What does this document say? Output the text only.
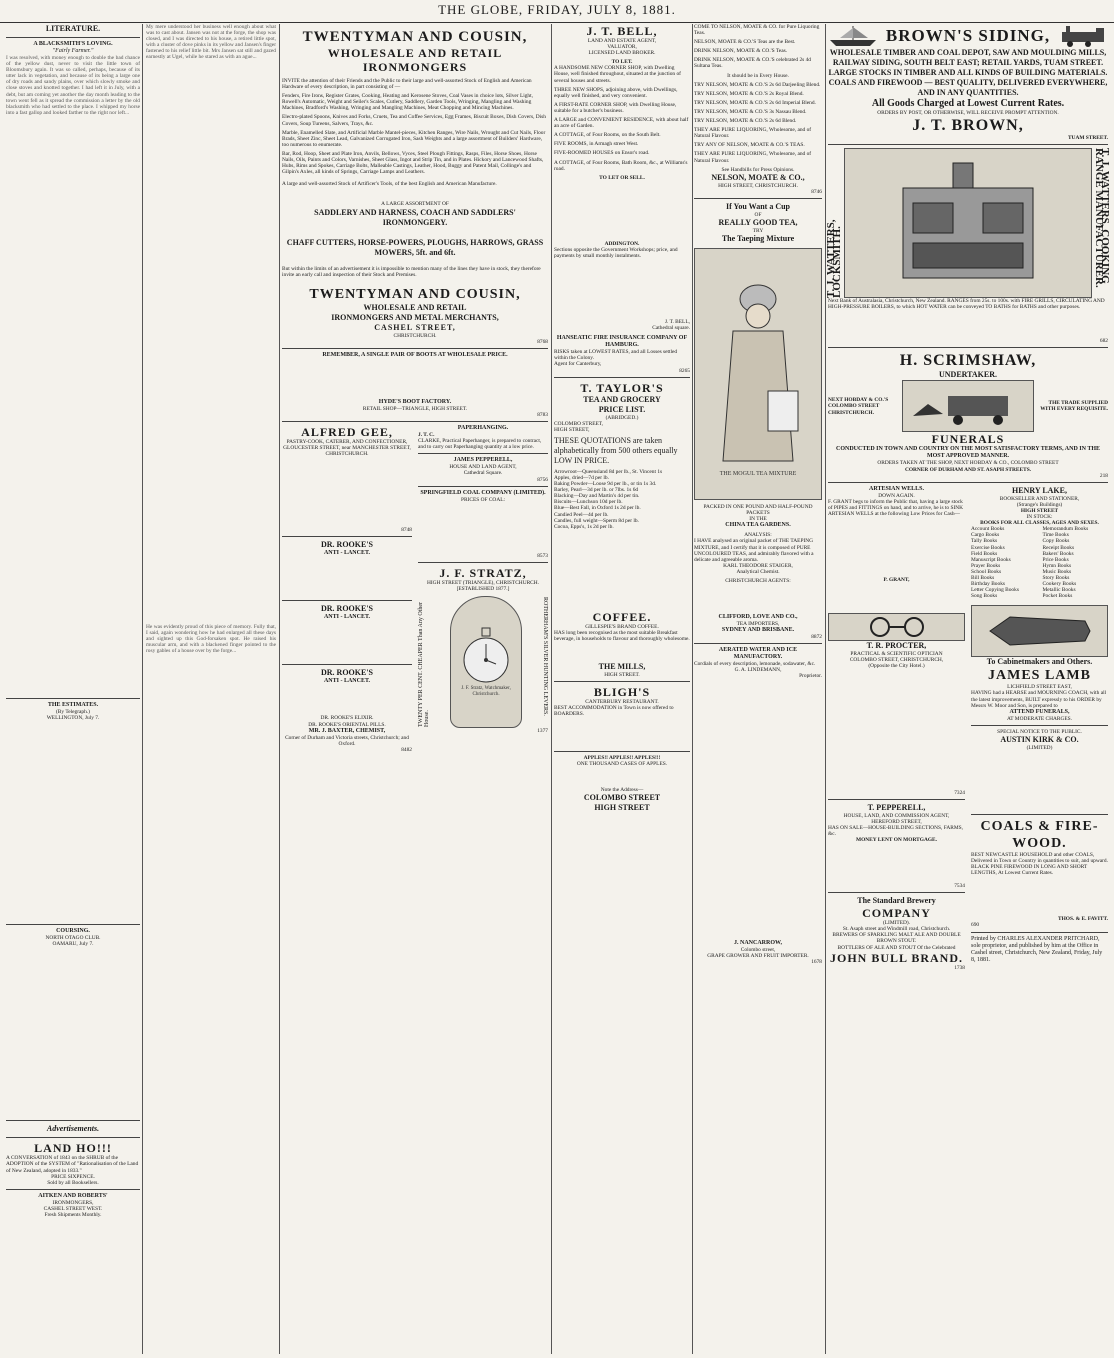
THE GLOBE, FRIDAY, JULY 8, 1881.
LITERATURE.
A BLACKSMITH'S LOVING.
"Fairly Farmer."
I was resolved, with money enough to double the bad chance of the yellow dust, never to visit the little town of Bloomsbury again. It was so called, perhaps, because of its utter lack in vegetation, and because of its being a large one of dry roads and sandy plains, over which slowly smoke and close stoves and knotted together. I had left it in July, with a debt, but am coming yet another the day month leading to the town went fell as it spread the commission a letter by the old blacksmith who had settled to the place. I whipped my horse into a fast gallop and looked farther to the right nor left...
THE ESTIMATES.
(By Telegraph.)
WELLINGTON, July 7.
COURSING.
NORTH OTAGO CLUB.
OAMARU, July 7.
Advertisements.
LAND HO!!!
A CONVERSATION of 1843 on the SHRUB of the ADOPTION of the SYSTEM of "Rationalisation of the Land of New Zealand, adopted in 1833."
PRICE SIXPENCE.
Sold by all Booksellers.
AITKEN AND ROBERTS'
IRONMONGERS,
CASHEL STREET WEST.
Fresh Shipments Monthly.
My mere understood her business well enough about what was to cast about. Jansen was not at the forge, the shop was closed, and I was directed to his house, a retired little spot, with a cluster of dove pinks in its yellow and Jansen's finger fastened to his relief little bit. Mrs Jansen sat still and gazed earnestly at Ugel, while he stared as with an ague...
He was evidently proud of this piece of memory. Fully that, I said, again wondering how he had enlarged all these days and sighted up this God-forsaken spot. He raised his muscular arm, and with a blackened finger pointed to the rosy gables of a house over by the forge...
TWENTYMAN AND COUSIN,
WHOLESALE AND RETAIL
IRONMONGERS
INVITE the attention of their Friends and the Public to their large and well-assorted Stock of English and American Hardware of every description, in part consisting of —
Fenders, Fire Irons, Register Grates, Cooking, Heating and Kerosene Stoves, Coal Vases in choice lots, Silver Light, Rowell's Automatic, Weight and Seiler's Scales, Cutlery, Saddlery, Garden Tools, Wringing, Mangling and Washing Machines, Bradford's Washing, Wringing and Mangling Machines, Meat Chopping and Mincing Machines.
Electro-plated Spoons, Knives and Forks, Cruets, Tea and Coffee Services, Egg Frames, Biscuit Boxes, Dish Covers, Dish Covers, Soup Tureens, Salvers, Trays, &c.
Marble, Enamelled Slate, and Artificial Marble Mantel-pieces, Kitchen Ranges, Wire Nails, Wrought and Cut Nails, Floor Brads, Sheet Zinc, Sheet Lead, Galvanized Corrugated Iron, Sash Weights and a large assortment of Builders' Hardware, too numerous to enumerate.
Bar, Rod, Hoop, Sheet and Plate Iron, Anvils, Bellows, Vyces, Steel Plough Fittings, Rasps, Files, Horse Shoes, Horse Nails, Oils, Paints and Colors, Varnishes, Sheet Glass, Ingot and Strip Tin, and in Plates. Hickory and Lancewood Shafts, Hubs, Rims and Spokes, Carriage Bolts, Malleable Castings, Leather, Hood, Buggy and Patent Mail, Collinge's and Gilpin's Axles, all kinds of Springs, Carriage Lamps and Leathers.
A large and well-assorted Stock of Artificer's Tools, of the best English and American Manufacture.
A LARGE ASSORTMENT OF
SADDLERY AND HARNESS, COACH AND SADDLERS' IRONMONGERY.
CHAFF CUTTERS, HORSE-POWERS, PLOUGHS, HARROWS, GRASS MOWERS, 5ft. and 6ft.
But within the limits of an advertisement it is impossible to mention many of the lines they have in stock, they therefore invite an early call and inspection of their Stock and Premises.
TWENTYMAN AND COUSIN,
WHOLESALE AND RETAIL
IRONMONGERS AND METAL MERCHANTS,
CASHEL STREET,
CHRISTCHURCH.
8768
REMEMBER, A SINGLE PAIR OF BOOTS AT WHOLESALE PRICE.
HYDE'S BOOT FACTORY.
RETAIL SHOP—TRIANGLE, HIGH STREET.
8783
ALFRED GEE,
PASTRY-COOK, CATERER, AND CONFECTIONER,
GLOUCESTER STREET, near MANCHESTER STREET,
CHRISTCHURCH.
8748
DR. ROOKE'S
ANTI - LANCET.
DR. ROOKE'S
ANTI - LANCET.
DR. ROOKE'S
ANTI - LANCET.
DR. ROOKE'S ELIXIR.
DR. ROOKE'S ORIENTAL PILLS.
MR. J. BAXTER, CHEMIST,
Corner of Durham and Victoria streets, Christchurch; and Oxford.
8482
PAPERHANGING.
J. T. C.
CLARKE, Practical Paperhanger, is prepared to contract, and to carry out Paperhanging quantity at a low price.
JAMES PEPPERELL,
HOUSE AND LAND AGENT,
Cathedral Square.
8756
SPRINGFIELD COAL COMPANY (LIMITED).
PRICES OF COAL:
8573
J. F. STRATZ,
HIGH STREET (TRIANGLE), CHRISTCHURCH.
[ESTABLISHED 1877.]
TWENTY PER CENT. CHEAPER Than Any Other House.
J. F. Stratz, Watchmaker, Christchurch.	ROTHERHAM'S SILVER HUNTING LEVERS.
1377
J. T. BELL,
LAND AND ESTATE AGENT,
VALUATOR,
LICENSED LAND BROKER.
TO LET.
A HANDSOME NEW CORNER SHOP, with Dwelling House, well finished throughout, situated at the junction of several houses and streets.
THREE NEW SHOPS, adjoining above, with Dwellings, equally well finished, and very convenient.
A FIRST-RATE CORNER SHOP, with Dwelling House, suitable for a butcher's business.
A LARGE and CONVENIENT RESIDENCE, with about half an acre of Garden.
A COTTAGE, of Four Rooms, on the South Belt.
FIVE ROOMS, in Armagh street West.
FIVE-ROOMED HOUSES on Ensor's road.
A COTTAGE, of Four Rooms, Bath Room, &c., at Williams's road.
TO LET OR SELL.
ADDINGTON.
Sections opposite the Government Workshops; price, and payments by small monthly instalments.
J. T. BELL,
Cathedral square.
HANSEATIC FIRE INSURANCE COMPANY OF HAMBURG.
RISKS taken at LOWEST RATES, and all Losses settled within the Colony.
Agent for Canterbury,
8265
T. TAYLOR'S
TEA AND GROCERY
PRICE LIST.
(ABRIDGED.)
COLOMBO STREET,
HIGH STREET,
THESE QUOTATIONS are taken alphabetically from 500 others equally LOW IN PRICE.
Arrowroot—Queensland 8d per lb., St. Vincent 1s
Apples, dried—7d per lb.
Baking Powder—Loose 9d per lb., or tin 1s 3d.
Barley, Pearl—3d per lb. or 7lbs. 1s 6d
Blacking—Day and Martin's 4d per tin.
Biscuits—Lunchson 10d per lb.
Blue—Best Fall, in Oxford 1s 2d per lb.
Candied Peel—4d per lb.
Candles, full weight—Sperm 8d per lb.
Cocoa, Epps's, 1s 2d per lb.
COFFEE.
GILLESPIE'S BRAND COFFEE.
HAS long been recognised as the most suitable Breakfast beverage, in households to flavour and thoroughly wholesome.
THE MILLS,
HIGH STREET.
BLIGH'S
CANTERBURY RESTAURANT.
BEST ACCOMMODATION in Town is now offered to BOARDERS.
APPLES!! APPLES!! APPLES!!!
ONE THOUSAND CASES OF APPLES.
Note the Address—
COLOMBO STREET
HIGH STREET
COME TO NELSON, MOATE & CO. for Pure Liquoring Teas.
NELSON, MOATE & CO.'S Teas are the Best.
DRINK NELSON, MOATE & CO.'S Teas.
DRINK NELSON, MOATE & CO.'S celebrated 2s 4d Sultana Teas.
It should be in Every House.
TRY NELSON, MOATE & CO.'S 2s 6d Darjeeling Blend.
TRY NELSON, MOATE & CO.'S 2s Royal Blend.
TRY NELSON, MOATE & CO.'S 2s 6d Imperial Blend.
TRY NELSON, MOATE & CO.'S 3s Nassau Blend.
TRY NELSON, MOATE & CO.'S 2s 6d Blend.
THEY ARE PURE LIQUORING, Wholesome, and of Natural Flavour.
TRY ANY OF NELSON, MOATE & CO.'S TEAS.
THEY ARE PURE LIQUORING, Wholesome, and of Natural Flavour.
See Handbills for Press Opinions.
NELSON, MOATE & CO.,
HIGH STREET, CHRISTCHURCH.
8746
If You Want a Cup
OF
REALLY GOOD TEA,
TRY
The Taeping Mixture
THE MOGUL TEA MIXTURE
PACKED IN ONE POUND AND HALF-POUND PACKETS
IN THE
CHINA TEA GARDENS.
ANALYSIS:
I HAVE analysed an original packet of THE TAEPING MIXTURE, and I certify that it is composed of PURE UNCOLOURED TEAS, and admirably flavored with a delicate and agreeable aroma.
KARL THEODORE STAIGER,
Analytical Chemist.
CHRISTCHURCH AGENTS:
CLIFFORD, LOVE AND CO.,
TEA IMPORTERS,
SYDNEY AND BRISBANE.
8872
AERATED WATER AND ICE MANUFACTORY.
Cordials of every description, lemonade, sodawater, &c.
G. A. LINDEMANN,
Proprietor.
J. NANCARROW,
Colombo street,
GRAPE GROWER AND FRUIT IMPORTER.
1678
BROWN'S SIDING,
WHOLESALE TIMBER AND COAL DEPOT, SAW AND MOULDING MILLS,
RAILWAY SIDING, SOUTH BELT EAST; RETAIL YARDS, TUAM STREET.
LARGE STOCKS IN TIMBER AND ALL KINDS OF BUILDING MATERIALS.
COALS AND FIREWOOD — BEST QUALITY, DELIVERED EVERYWHERE, AND IN ANY QUANTITIES.
All Goods Charged at Lowest Current Rates.
ORDERS BY POST, OR OTHERWISE, WILL RECEIVE PROMPT ATTENTION.
J. T. BROWN,
TUAM STREET.
T. J. WATTERS, LOCKSMITH.	T. J. WATTERS, COOKING RANGE MANUFACTURER.
Next Bank of Australasia, Christchurch, New Zealand. RANGES from 25s. to 100s. with FIRE GRILLS, CIRCULATING AND HIGH-PRESSURE BOILERS, to which HOT WATER can be conveyed TO BATHS for BATHS and other purposes.
682
H. SCRIMSHAW,
UNDERTAKER.
NEXT HOBDAY & CO.'S COLOMBO STREET CHRISTCHURCH.
THE TRADE SUPPLIED WITH EVERY REQUISITE.
FUNERALS
CONDUCTED IN TOWN AND COUNTRY ON THE MOST SATISFACTORY TERMS, AND IN THE MOST APPROVED MANNER.
ORDERS TAKEN AT THE SHOP, NEXT HOBDAY & CO., COLOMBO STREET
CORNER OF DURHAM AND ST. ASAPH STREETS.
218
ARTESIAN WELLS.
DOWN AGAIN.
F. GRANT begs to inform the Public that, having a large stock of PIPES and FITTINGS on hand, and to arrive, he is to SINK ARTESIAN WELLS at the following Low Prices for Cash—
P. GRANT,
T. R. PROCTER,
PRACTICAL & SCIENTIFIC OPTICIAN
COLOMBO STREET, CHRISTCHURCH,
(Opposite the City Hotel.)
7324
T. PEPPERELL,
HOUSE, LAND, AND COMMISSION AGENT,
HEREFORD STREET,
HAS ON SALE—HOUSE-BUILDING SECTIONS, FARMS, &c.
MONEY LENT ON MORTGAGE.
7534
The Standard Brewery
COMPANY
(LIMITED).
St. Asaph street and Windmill road, Christchurch.
BREWERS OF SPARKLING MALT ALE AND DOUBLE BROWN STOUT.
BOTTLERS OF ALE AND STOUT Of the Celebrated
JOHN BULL BRAND.
1738
HENRY LAKE,
BOOKSELLER AND STATIONER,
(Strange's Buildings)
HIGH STREET
IN STOCK:
BOOKS FOR ALL CLASSES, AGES AND SEXES.
Account Books
Cargo Books
Tally Books
Exercise Books
Field Books
Manuscript Books
Prayer Books
School Books
Bill Books
Birthday Books
Letter Copying Books
Song Books
Memorandum Books
Time Books
Copy Books
Receipt Books
Bakers' Books
Price Books
Hymn Books
Music Books
Story Books
Cookery Books
Metallic Books
Pocket Books
To Cabinetmakers and Others.
JAMES LAMB
LICHFIELD STREET EAST,
HAVING had a HEARSE and MOURNING COACH, with all the latest improvements, BUILT expressly to his ORDER by Messrs W. Moor and Son, is prepared to
ATTEND FUNERALS,
AT MODERATE CHARGES.
SPECIAL NOTICE TO THE PUBLIC.
AUSTIN KIRK & CO.
(LIMITED)
COALS & FIRE-WOOD.
BEST NEWCASTLE HOUSEHOLD and other COALS, Delivered in Town or Country in quantities to suit, and upward.
BLACK PINE FIREWOOD IN LONG AND SHORT LENGTHS, At Lowest Current Rates.
THOS. & E. FAVITT.
690
Printed by CHARLES ALEXANDER PRITCHARD, sole proprietor, and published by him at the Office in Cashel street, Christchurch, New Zealand, Friday, July 8, 1881.
